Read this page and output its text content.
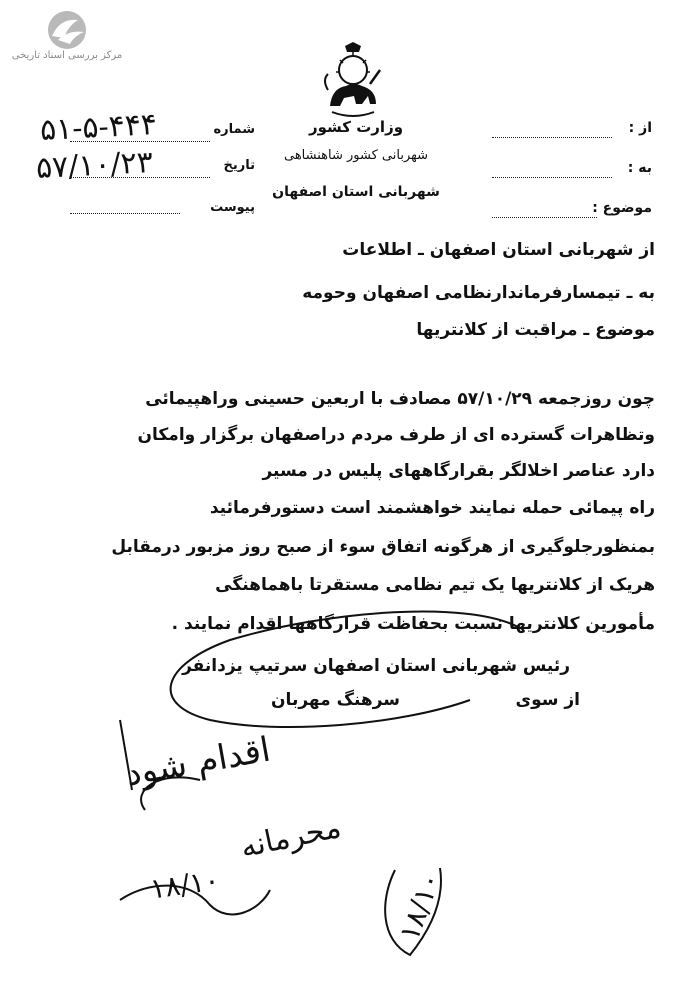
مرکز بررسی اسناد تاریخی
وزارت کشور
شهربانی کشور شاهنشاهی
شهربانی استان اصفهان
از :
به :
موضوع :
شماره
تاریخ
پیوست
۵۱-۵-۴۴۴
۵۷/۱۰/۲۳
از شهربانی استان اصفهان ـ اطلاعات
به ـ تیمسارفرماندارنظامی اصفهان وحومه
موضوع ـ مراقبت از کلانتریها
چون روزجمعه ۵۷/۱۰/۲۹ مصادف با اربعین حسینی وراهپیمائی
وتظاهرات گسترده ای از طرف مردم دراصفهان برگزار وامکان
دارد عناصر اخلالگر بقرارگاههای پلیس در مسیر
راه پیمائی حمله نمایند خواهشمند است دستورفرمائید
بمنظورجلوگیری از هرگونه اتفاق سوء از صبح روز مزبور درمقابل
هریک از کلانتریها یک تیم نظامی مستقرتا باهماهنگی
مأمورین کلانتریها نسبت بحفاظت قرارگاهها اقدام نمایند .
رئیس شهربانی استان اصفهان سرتیپ یزدانفر
از سوی
سرهنگ مهربان
اقدام شود
محرمانه
۱۸/۱۰	۱۸/۱۰
